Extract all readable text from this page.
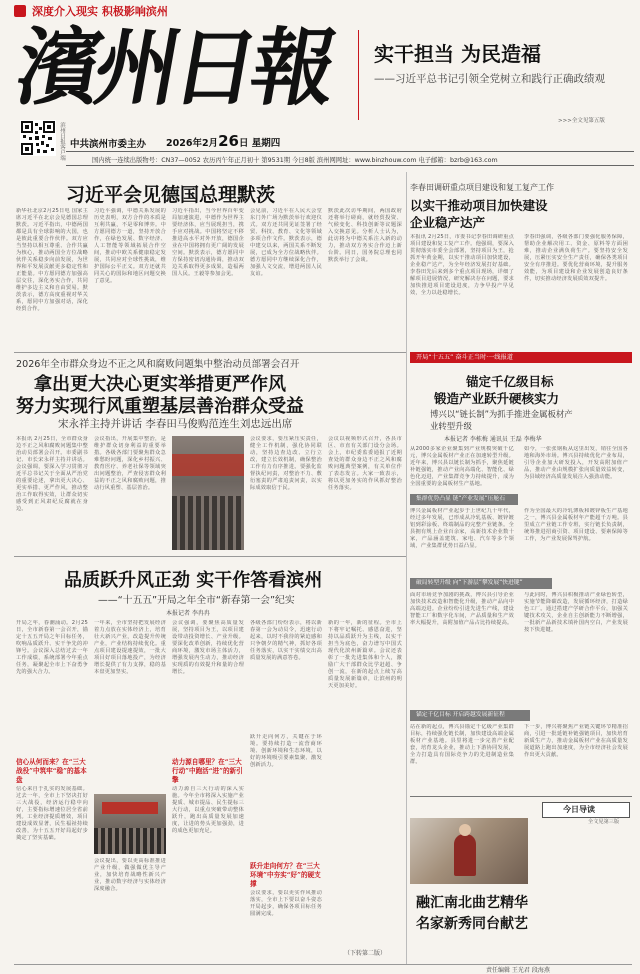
深度介入现实 积极影响滨州
濱
州
日
報
滨州日报客户端 中共滨州市委主办 2026年2月26日 星期四
实干担当 为民造福
——习近平总书记引领全党树立和践行正确政绩观
>>>全文见第五版
国内统一连续出版物号：CN37—0052 农历丙午年正月初十 第9531期 今日8版 滨州网网址：www.binzhouw.com 电子邮箱：bzrb@163.com
习近平会见德国总理默茨
新华社北京2月25日电 国家主席习近平在北京会见德国总理默茨。习近平指出，中德两国都是具有全球影响的大国，也是彼此重要合作伙伴。双方应当坚持以相互尊重、合作共赢为核心，推动两国全方位战略伙伴关系稳步向前发展，为世界和平发展贡献更多稳定性和正能量。中方愿同德方加强高层交往，深化务实合作，共同维护多边主义和自由贸易。默茨表示，德方高度重视对华关系，愿同中方加强对话，深化经贸合作。
习近平强调，中德关系发展的历史表明，双方合作的本质是互利共赢，不是零和博弈。中方愿同德方一道，坚持开放合作，在绿色发展、数字经济、人工智能等领域拓展合作空间，推动中欧关系健康稳定发展，共同应对全球性挑战，维护国际公平正义。双方还就共同关心的国际和地区问题交换了意见。
习近平指出，当今世界百年变局加速演进，中德作为世界主要经济体，应当展现担当，携手应对挑战。中国将坚定不移推进高水平对外开放，德国企业在中国将拥有更广阔的发展空间。默茨表示，德方愿同中方保持密切沟通协调，推动双边关系取得更多成果，造福两国人民。王毅等参加会见。
会见前，习近平在人民大会堂东门外广场为默茨举行欢迎仪式。双方还共同见证签署了经贸、科技、教育、文化等领域多项合作文件。默茨表示，德中建交以来，两国关系不断发展，已成为全方位战略伙伴。德方愿同中方继续深化合作，加强人文交流，增进两国人民友谊。
默茨此次访华期间，两国政府还将举行磋商，就经贸投资、气候变化、科技创新等议题深入交换意见。分析人士认为，此访将为中德关系注入新的动力，推动双方务实合作迈上新台阶。同日，国务院总理也同默茨举行了会谈。	李春田调研重点项目建设和复工复产工作
以实干推动项目加快建设
企业稳产达产
本报讯 2月25日，市委书记李春田调研重点项目建设和复工复产工作。他强调，要深入贯彻落实市委全会部署，坚持项目为王，抢抓开年黄金期，以实干推动项目加快建设，企业稳产达产，为全年经济发展打好基础。李春田先后来到多个重点项目现场，详细了解项目进展情况，研究解决存在问题，要求加快推进项目建设进度，力争早投产早见效，全力以赴稳增长。
李春田强调，各级各部门要强化服务保障，帮助企业解决用工、资金、原料等方面困难，推动企业满负荷生产。要坚持安全发展，压紧压实安全生产责任，确保各类项目安全有序推进。要优化营商环境，提升服务效能，为项目建设和企业发展创造良好条件，切实推动经济发展质效双提升。
2026年全市群众身边不正之风和腐败问题集中整治动员部署会召开
拿出更大决心更实举措更严作风
努力实现行风重塑基层善治群众受益
宋永祥主持并讲话 李春田马俊购范连生刘忠远出席
本报讯 2月25日，全市群众身边不正之风和腐败问题集中整治动员部署会召开。市委副书记、市长宋永祥主持并讲话。会议强调，要深入学习贯彻习近平总书记关于全面从严治党的重要论述，拿出更大决心、更实举措、更严作风，推动整治工作取得实效，让群众切实感受到正风肃纪反腐就在身边。
会议指出，开展集中整治，是维护群众切身利益的重要举措。各级各部门要聚焦群众急难愁盼问题，深化乡村振兴、教育医疗、养老社保等领域突出问题整治，严查侵害群众利益的不正之风和腐败问题，推动行风重塑、基层善治。
会议要求，要压紧压实责任，健全工作机制，强化协同联动，坚持边查边改、立行立改，建立长效机制，确保整治工作有力有序推进。要强化监督执纪问责，对整治不力、敷衍塞责的严肃追责问责，以实际成效取信于民。
会议以视频形式召开，各县市区、市直有关部门设分会场。会上，市纪委监委通报了近期查处的群众身边不正之风和腐败问题典型案例，有关单位作了表态发言。大家一致表示，将以更加务实的作风抓好整治任务落实。
开局“十五五” 奋斗正当时·一线报道
锚定千亿级目标
锻造产业跃升硬核实力
博兴以“链长制”为抓手推进金属板材产
业转型升级
本报记者 李栋梅 通讯员 王磊 李梅华
从2000多家企业聚集到产业规模突破千亿元，博兴金属板材产业正在加速转型升级。近年来，博兴县以链长制为抓手，聚焦延链补链强链，推动产业向高端化、智能化、绿色化迈进，产业集群竞争力持续提升，成为全国重要的金属板材生产基地。
如今，一张张钢板从这里出发，销往全国各地和海外市场。博兴县持续优化产业布局，引导企业加大研发投入，开发高附加值产品，推动产业由规模扩张向质量效益转变，为县域经济高质量发展注入强劲动能。
集群优势凸显 链“产业发展”压舱石
博兴金属板材产业起步于上世纪九十年代，经过多年发展，已形成从冷轧基板、镀锌镀铝到彩涂板、终端制品的完整产业链条。全县拥有规上企业百余家，高新技术企业数十家，产品涵盖建筑、家电、汽车等多个领域，产业集群优势日益凸显。
作为全国最大的冷轧薄板和镀锌板生产基地之一，博兴县金属板材年产能超千万吨。县里成立产业链工作专班，实行链长负责制，统筹推进招商引资、项目建设、要素保障等工作，为产业发展保驾护航。
破局转型升级 向“下游层”攀发展“快进键”
面对市场竞争加剧的挑战，博兴县引导企业加快技术改造和智能化升级，推动产品向中高端迈进。企业纷纷引进先进生产线，建设智能工厂和数字化车间，产品质量和生产效率大幅提升，高附加值产品占比持续提高。
与此同时，博兴县积极推动产业绿色转型，实施节能降碳改造，发展循环经济，打造绿色工厂。通过搭建产学研合作平台，加强关键技术攻关，企业自主创新能力不断增强，一批新产品新技术填补国内空白，产业发展按下快进键。
锚定千亿目标 开启跨越发展新征程
站在新的起点，博兴县锚定千亿级产业集群目标，持续强化链长制，加快建设高端金属板材产业基地。县里将进一步完善产业配套，培育龙头企业，推动上下游协同发展，全力打造具有国际竞争力的先进制造业集群。
下一步，博兴将聚焦产业链关键环节精准招商，引进一批延链补链强链项目，加快培育新质生产力，推动金属板材产业在高质量发展道路上跑出加速度，为全市经济社会发展作出更大贡献。
品质跃升风正劲 实干作答看滨州
——“十五五”开局之年全市“新春第一会”纪实
本报记者 李冉冉
开局之年，春潮涌动。2月25日，全市新春第一会召开，锚定十五五开局之年目标任务，吹响品质跃升、实干争先的冲锋号。会议深入总结过去一年工作成绩，系统部署今年重点任务，凝聚起全市上下奋勇争先的强大合力。
信心从何而来？在“三大战役”中筑牢“稳”的基本盘
信心来自于扎实的发展基础。过去一年，全市上下坚决打好三大战役，经济运行稳中向好，主要指标增速位居全省前列。工业经济提质增效，项目建设成效显著，民生福祉持续改善，为十五五开好局起好步奠定了坚实基础。
一年来，全市坚持把发展经济着力点放在实体经济上，培育壮大新兴产业，改造提升传统产业，产业结构持续优化。重点项目建设提速提效，一批大项目好项目落地投产，为经济增长提供了有力支撑，稳的基本盘更加坚实。
会议提出，要以更高标准推进产业升级，做强做优主导产业，加快培育战略性新兴产业，推动数字经济与实体经济深度融合。
会议强调，要聚焦高质量发展，坚持项目为王，以项目建设带动投资增长、产业升级。要深化改革创新，持续优化营商环境，激发市场主体活力，增强发展内生动力，推动经济实现质的有效提升和量的合理增长。
动力源自哪里？在“三大行动”中跑活“进”的新引擎
动力源自三大行动的深入实施。今年全市将深入实施产业提质、城市提品、民生提标三大行动，以重点突破带动整体跃升，跑出高质量发展加速度，让进的势头更加强劲，进的成色更加充足。
各级各部门纷纷表示，将以新春第一会为动员令，迅速行动起来，以时不我待的紧迫感和只争朝夕的精气神，抓好各项任务落实，以实干实绩交出高质量发展的满意答卷。
跃升走向何方？在“三大环境”中夯实“好”的硬支撑
跃升走向何方，关键在于环境。要持续打造一流营商环境、创新环境和生态环境，以好的环境吸引要素集聚、激发创新活力。
会议要求，要以更实作风推动落实，全市上下要以奋斗姿态开局起步，确保各项目标任务圆满完成。
新的一年，新的征程。全市上下将牢记嘱托、感恩奋进，坚持以品质跃升为主线，以实干担当为底色，奋力谱写中国式现代化滨州新篇章。会议还表彰了一批先进集体和个人，激励广大干部群众比学赶超、争创一流，在新的起点上续写高质量发展新篇章，让滨州的明天更加美好。
（下转第二版）
今日导读
全文见第三版
融汇南北曲艺精华
名家新秀同台献艺
责任编辑 王光君 段海燕
